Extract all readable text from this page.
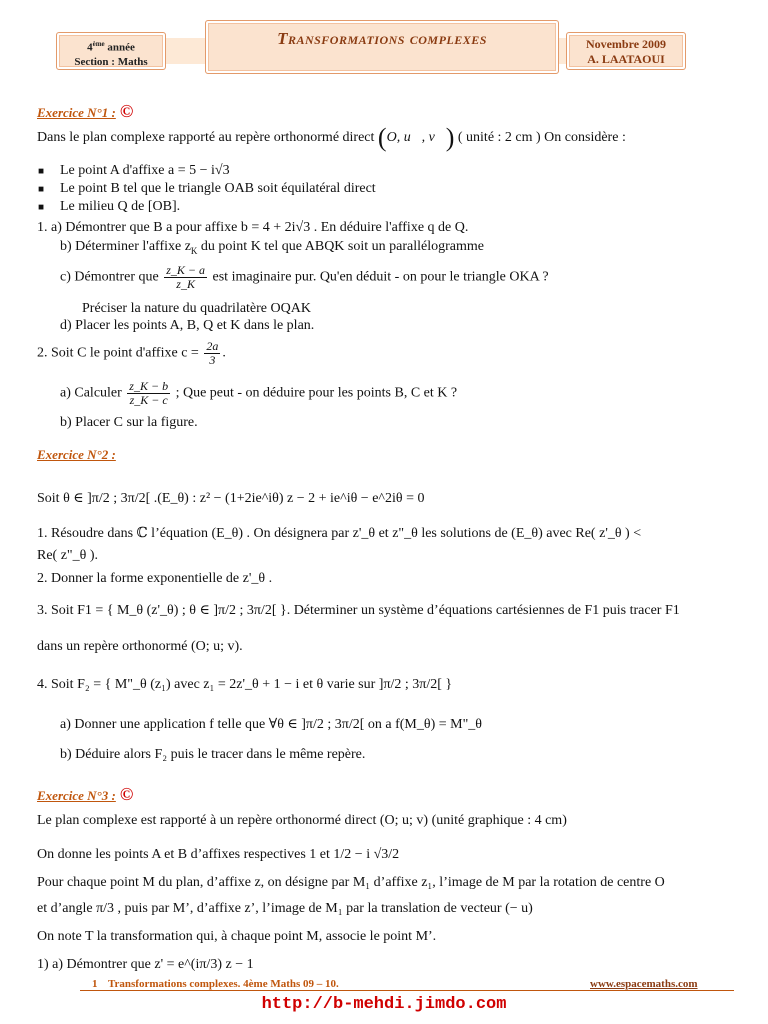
4ème année
Section : Maths
Transformations complexes	Novembre 2009
A. LAATAOUI
Exercice N°1 : ©
Dans le plan complexe rapporté au repère orthonormé direct (O, u⃗, v⃗) ( unité : 2 cm ) On considère :
■ Le point A d'affixe a = 5 − i√3
■ Le point B tel que le triangle OAB soit équilatéral direct
■ Le milieu Q de [OB].
1. a) Démontrer que B a pour affixe b = 4 + 2i√3 . En déduire l'affixe q de Q.
b) Déterminer l'affixe $z_K$ du point K tel que ABQK soit un parallélogramme
c) Démontrer que $\frac{z\_K - a}{z\_K}$ est imaginaire pur. Qu'en déduit - on pour le triangle OKA ?
Préciser la nature du quadrilatère OQAK
d) Placer les points A, B, Q et K dans le plan.
2. Soit C le point d'affixe $c = \frac{2a}{3}$ .
a) Calculer $\frac{z\_K - b}{z\_K - c}$ ; Que peut - on déduire pour les points B, C et K ?
b) Placer C sur la figure.
Exercice N°2 :
Soit θ ∈ ]π/2 ; 3π/2[ .(E_θ) : z² − (1+2ie^iθ) z − 2 + ie^iθ − e^2iθ = 0
1. Résoudre dans ℂ l’équation (E_θ) . On désignera par z'_θ et z"_θ les solutions de (E_θ) avec Re( z'_θ ) <
Re( z"_θ ).
2. Donner la forme exponentielle de z'_θ .
3. Soit F1 = { M_θ (z'_θ) ; θ ∈ ]π/2 ; 3π/2[ }. Déterminer un système d’équations cartésiennes de F1 puis tracer F1
dans un repère orthonormé (O; u; v).
4. Soit F₂ = { M"_θ (z₁) avec z₁ = 2z'_θ + 1 − i et θ varie sur ]π/2 ; 3π/2[ }
a) Donner une application f telle que ∀θ ∈ ]π/2 ; 3π/2[ on a f(M_θ) = M"_θ
b) Déduire alors F₂ puis le tracer dans le même repère.
Exercice N°3 : ©
Le plan complexe est rapporté à un repère orthonormé direct (O; u; v) (unité graphique : 4 cm)
On donne les points A et B d’affixes respectives 1 et 1/2 − i √3/2
Pour chaque point M du plan, d’affixe z, on désigne par M₁ d’affixe z₁, l’image de M par la rotation de centre O
et d’angle π/3 , puis par M’, d’affixe z’, l’image de M₁ par la translation de vecteur (− u)
On note T la transformation qui, à chaque point M, associe le point M’.
1) a) Démontrer que z' = e^(iπ/3) z − 1
1 Transformations complexes. 4ème Maths 09 – 10.	www.espacemaths.com
http://b-mehdi.jimdo.com
